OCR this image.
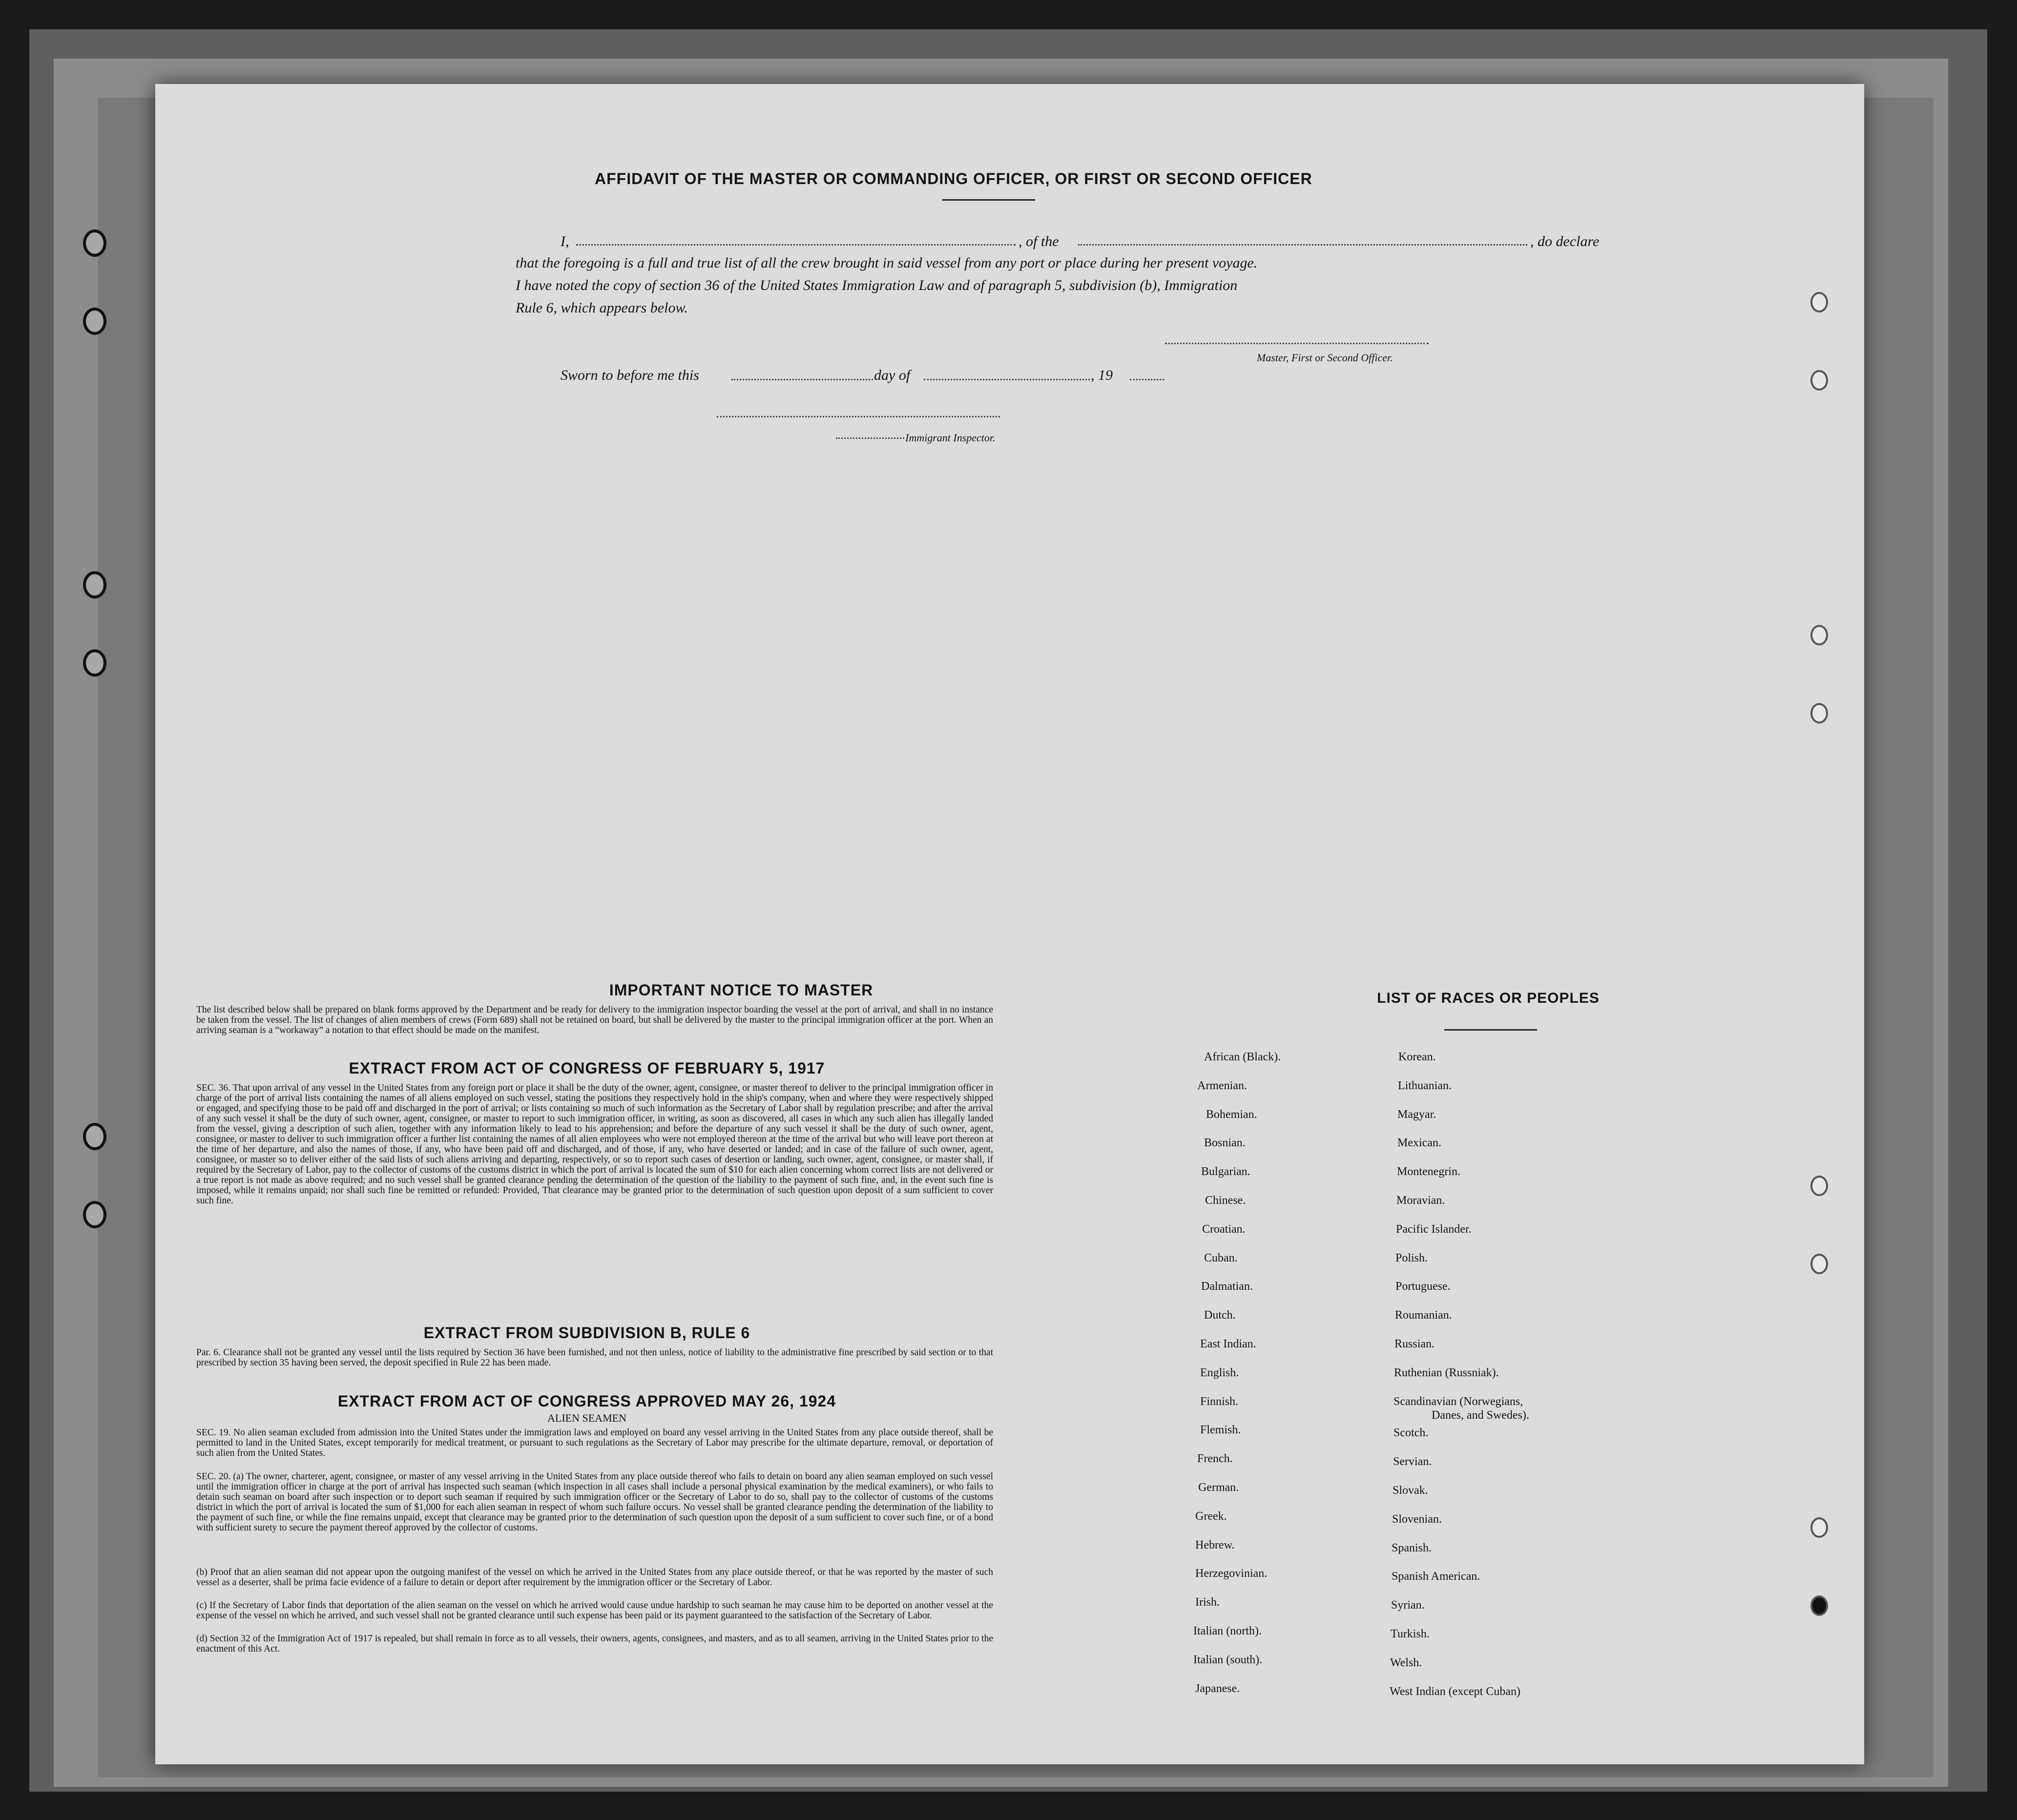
AFFIDAVIT OF THE MASTER OR COMMANDING OFFICER, OR FIRST OR SECOND OFFICER
I,	, of the	, do declare
that the foregoing is a full and true list of all the crew brought in said vessel from any port or place during her present voyage.
I have noted the copy of section 36 of the United States Immigration Law and of paragraph 5, subdivision (b), Immigration
Rule 6, which appears below.
Master, First or Second Officer.
Sworn to before me this	day of	, 19
Immigrant Inspector.
IMPORTANT NOTICE TO MASTER
The list described below shall be prepared on blank forms approved by the Department and be ready for delivery to the immigration inspector boarding the vessel at the port of arrival, and shall in no instance be taken from the vessel. The list of changes of alien members of crews (Form 689) shall not be retained on board, but shall be delivered by the master to the principal immigration officer at the port. When an arriving seaman is a “workaway” a notation to that effect should be made on the manifest.
EXTRACT FROM ACT OF CONGRESS OF FEBRUARY 5, 1917
SEC. 36. That upon arrival of any vessel in the United States from any foreign port or place it shall be the duty of the owner, agent, consignee, or master thereof to deliver to the principal immigration officer in charge of the port of arrival lists containing the names of all aliens employed on such vessel, stating the positions they respectively hold in the ship's company, when and where they were respectively shipped or engaged, and specifying those to be paid off and discharged in the port of arrival; or lists containing so much of such information as the Secretary of Labor shall by regulation prescribe; and after the arrival of any such vessel it shall be the duty of such owner, agent, consignee, or master to report to such immigration officer, in writing, as soon as discovered, all cases in which any such alien has illegally landed from the vessel, giving a description of such alien, together with any information likely to lead to his apprehension; and before the departure of any such vessel it shall be the duty of such owner, agent, consignee, or master to deliver to such immigration officer a further list containing the names of all alien employees who were not employed thereon at the time of the arrival but who will leave port thereon at the time of her departure, and also the names of those, if any, who have been paid off and discharged, and of those, if any, who have deserted or landed; and in case of the failure of such owner, agent, consignee, or master so to deliver either of the said lists of such aliens arriving and departing, respectively, or so to report such cases of desertion or landing, such owner, agent, consignee, or master shall, if required by the Secretary of Labor, pay to the collector of customs of the customs district in which the port of arrival is located the sum of $10 for each alien concerning whom correct lists are not delivered or a true report is not made as above required; and no such vessel shall be granted clearance pending the determination of the question of the liability to the payment of such fine, and, in the event such fine is imposed, while it remains unpaid; nor shall such fine be remitted or refunded: Provided, That clearance may be granted prior to the determination of such question upon deposit of a sum sufficient to cover such fine.
EXTRACT FROM SUBDIVISION B, RULE 6
Par. 6. Clearance shall not be granted any vessel until the lists required by Section 36 have been furnished, and not then unless, notice of liability to the administrative fine prescribed by said section or to that prescribed by section 35 having been served, the deposit specified in Rule 22 has been made.
EXTRACT FROM ACT OF CONGRESS APPROVED MAY 26, 1924
ALIEN SEAMEN
SEC. 19. No alien seaman excluded from admission into the United States under the immigration laws and employed on board any vessel arriving in the United States from any place outside thereof, shall be permitted to land in the United States, except temporarily for medical treatment, or pursuant to such regulations as the Secretary of Labor may prescribe for the ultimate departure, removal, or deportation of such alien from the United States.
SEC. 20. (a) The owner, charterer, agent, consignee, or master of any vessel arriving in the United States from any place outside thereof who fails to detain on board any alien seaman employed on such vessel until the immigration officer in charge at the port of arrival has inspected such seaman (which inspection in all cases shall include a personal physical examination by the medical examiners), or who fails to detain such seaman on board after such inspection or to deport such seaman if required by such immigration officer or the Secretary of Labor to do so, shall pay to the collector of customs of the customs district in which the port of arrival is located the sum of $1,000 for each alien seaman in respect of whom such failure occurs. No vessel shall be granted clearance pending the determination of the liability to the payment of such fine, or while the fine remains unpaid, except that clearance may be granted prior to the determination of such question upon the deposit of a sum sufficient to cover such fine, or of a bond with sufficient surety to secure the payment thereof approved by the collector of customs.
(b) Proof that an alien seaman did not appear upon the outgoing manifest of the vessel on which he arrived in the United States from any place outside thereof, or that he was reported by the master of such vessel as a deserter, shall be prima facie evidence of a failure to detain or deport after requirement by the immigration officer or the Secretary of Labor.
(c) If the Secretary of Labor finds that deportation of the alien seaman on the vessel on which he arrived would cause undue hardship to such seaman he may cause him to be deported on another vessel at the expense of the vessel on which he arrived, and such vessel shall not be granted clearance until such expense has been paid or its payment guaranteed to the satisfaction of the Secretary of Labor.
(d) Section 32 of the Immigration Act of 1917 is repealed, but shall remain in force as to all vessels, their owners, agents, consignees, and masters, and as to all seamen, arriving in the United States prior to the enactment of this Act.
LIST OF RACES OR PEOPLES
Danes, and Swedes).
African (Black).
Armenian.
Bohemian.
Bosnian.
Bulgarian.
Chinese.
Croatian.
Cuban.
Dalmatian.
Dutch.
East Indian.
English.
Finnish.
Flemish.
French.
German.
Greek.
Hebrew.
Herzegovinian.
Irish.
Italian (north).
Italian (south).
Japanese.
Korean.
Lithuanian.
Magyar.
Mexican.
Montenegrin.
Moravian.
Pacific Islander.
Polish.
Portuguese.
Roumanian.
Russian.
Ruthenian (Russniak).
Scandinavian (Norwegians,
Scotch.
Servian.
Slovak.
Slovenian.
Spanish.
Spanish American.
Syrian.
Turkish.
Welsh.
West Indian (except Cuban)
